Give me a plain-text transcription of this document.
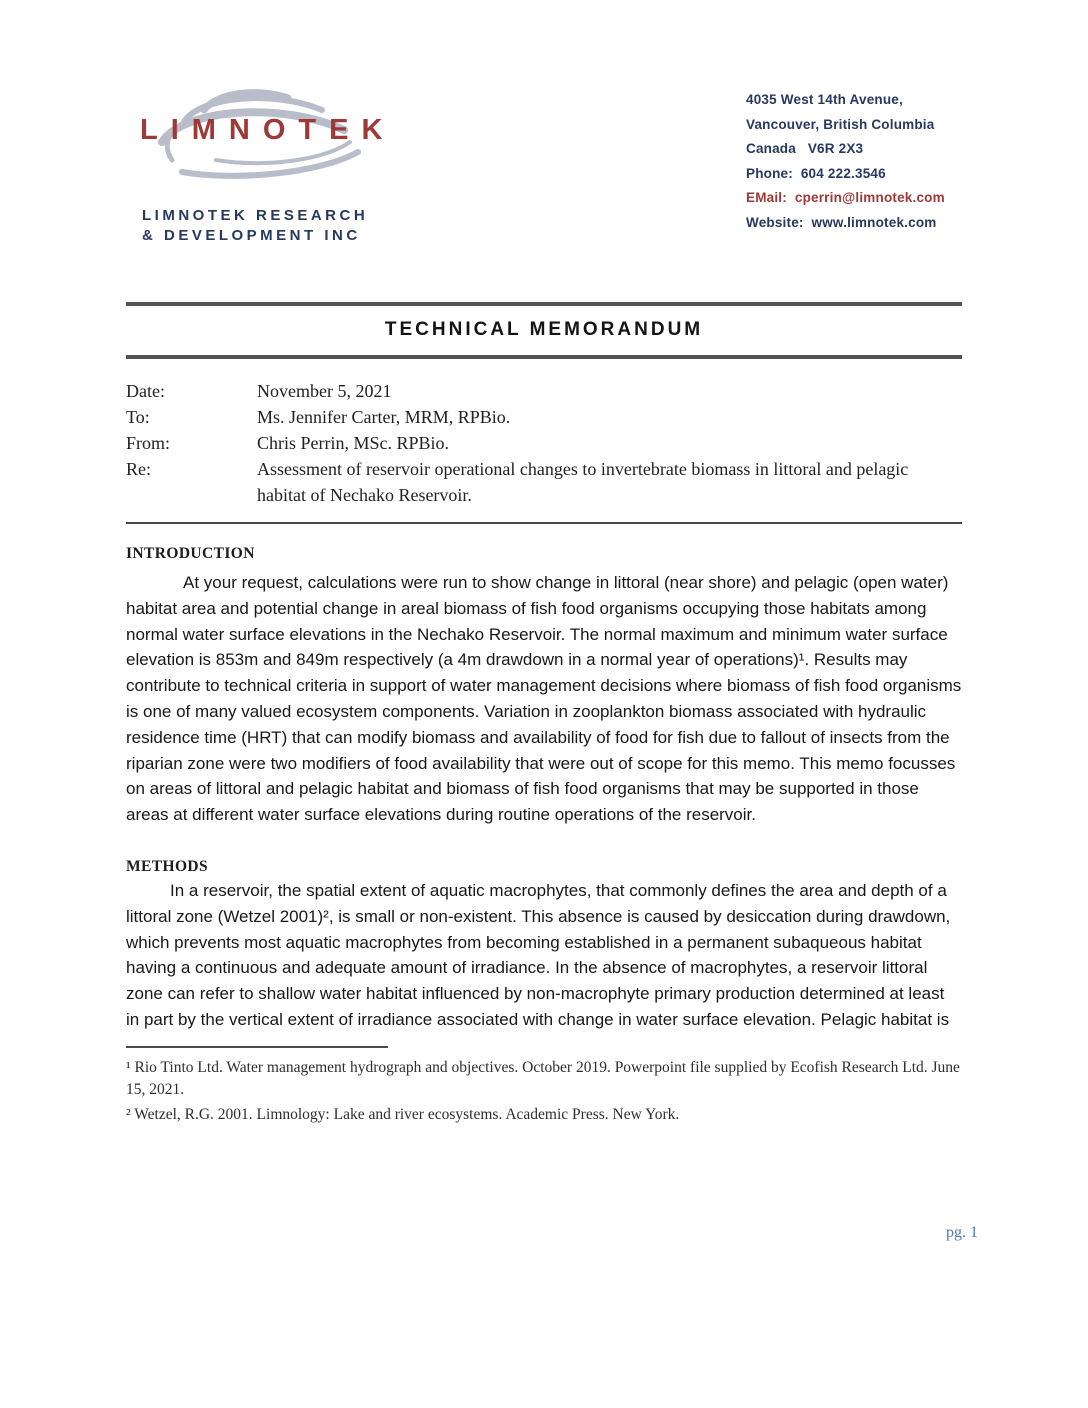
LIMNOTEK
LIMNOTEK RESEARCH
& DEVELOPMENT INC
4035 West 14th Avenue,
Vancouver, British Columbia
Canada   V6R 2X3
Phone:  604 222.3546
EMail:  cperrin@limnotek.com
Website:  www.limnotek.com
TECHNICAL MEMORANDUM
Date:	November 5, 2021
To:	Ms. Jennifer Carter, MRM, RPBio.
From:	Chris Perrin, MSc. RPBio.
Re:	Assessment of reservoir operational changes to invertebrate biomass in littoral and pelagic habitat of Nechako Reservoir.
INTRODUCTION
At your request, calculations were run to show change in littoral (near shore) and pelagic (open water) habitat area and potential change in areal biomass of fish food organisms occupying those habitats among normal water surface elevations in the Nechako Reservoir. The normal maximum and minimum water surface elevation is 853m and 849m respectively (a 4m drawdown in a normal year of operations)¹. Results may contribute to technical criteria in support of water management decisions where biomass of fish food organisms is one of many valued ecosystem components. Variation in zooplankton biomass associated with hydraulic residence time (HRT) that can modify biomass and availability of food for fish due to fallout of insects from the riparian zone were two modifiers of food availability that were out of scope for this memo. This memo focusses on areas of littoral and pelagic habitat and biomass of fish food organisms that may be supported in those areas at different water surface elevations during routine operations of the reservoir.
METHODS
In a reservoir, the spatial extent of aquatic macrophytes, that commonly defines the area and depth of a littoral zone (Wetzel 2001)², is small or non-existent. This absence is caused by desiccation during drawdown, which prevents most aquatic macrophytes from becoming established in a permanent subaqueous habitat having a continuous and adequate amount of irradiance. In the absence of macrophytes, a reservoir littoral zone can refer to shallow water habitat influenced by non-macrophyte primary production determined at least in part by the vertical extent of irradiance associated with change in water surface elevation. Pelagic habitat is
¹ Rio Tinto Ltd. Water management hydrograph and objectives. October 2019. Powerpoint file supplied by Ecofish Research Ltd. June 15, 2021.
² Wetzel, R.G. 2001. Limnology: Lake and river ecosystems. Academic Press. New York.
pg. 1
